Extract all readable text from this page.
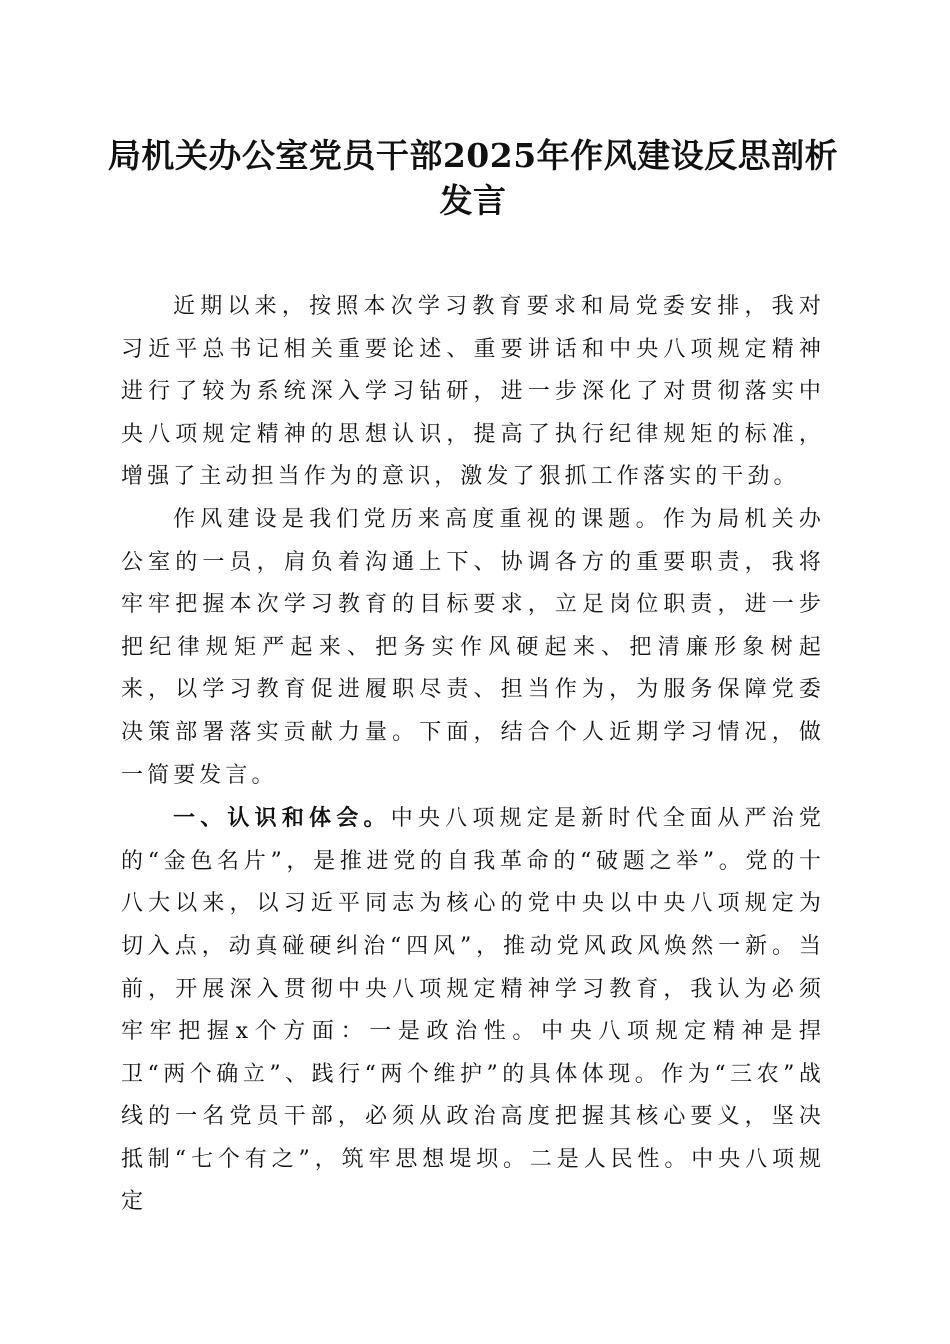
局机关办公室党员干部2025年作风建设反思剖析发言

近期以来，按照本次学习教育要求和局党委安排，我对习近平总书记相关重要论述、重要讲话和中央八项规定精神进行了较为系统深入学习钻研，进一步深化了对贯彻落实中央八项规定精神的思想认识，提高了执行纪律规矩的标准，增强了主动担当作为的意识，激发了狠抓工作落实的干劲。

作风建设是我们党历来高度重视的课题。作为局机关办公室的一员，肩负着沟通上下、协调各方的重要职责，我将牢牢把握本次学习教育的目标要求，立足岗位职责，进一步把纪律规矩严起来、把务实作风硬起来、把清廉形象树起来，以学习教育促进履职尽责、担当作为，为服务保障党委决策部署落实贡献力量。下面，结合个人近期学习情况，做一简要发言。

一、认识和体会。中央八项规定是新时代全面从严治党的“金色名片”，是推进党的自我革命的“破题之举”。党的十八大以来，以习近平同志为核心的党中央以中央八项规定为切入点，动真碰硬纠治“四风”，推动党风政风焕然一新。当前，开展深入贯彻中央八项规定精神学习教育，我认为必须牢牢把握x个方面：一是政治性。中央八项规定精神是捍卫“两个确立”、践行“两个维护”的具体体现。作为“三农”战线的一名党员干部，必须从政治高度把握其核心要义，坚决抵制“七个有之”，筑牢思想堤坝。二是人民性。中央八项规定
